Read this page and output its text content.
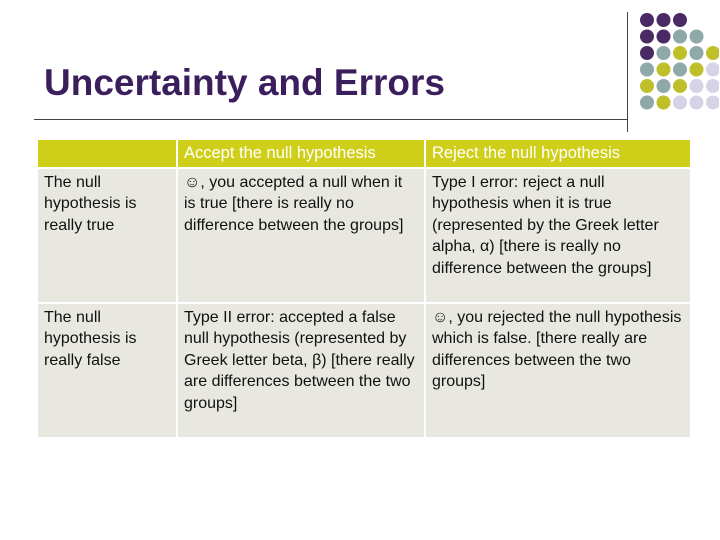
Uncertainty and Errors
	Accept the null hypothesis	Reject the null hypothesis
The null hypothesis is really true	☺, you accepted a null when it is true [there is really no difference between the groups]	Type I error: reject a null hypothesis when it is true (represented by the Greek letter alpha, α) [there is really no difference between the groups]
The null hypothesis is really false	Type II error: accepted a false null hypothesis (represented by Greek letter beta, β) [there really are differences between the two groups]	☺, you rejected the null hypothesis which is false. [there really are differences between the two groups]
